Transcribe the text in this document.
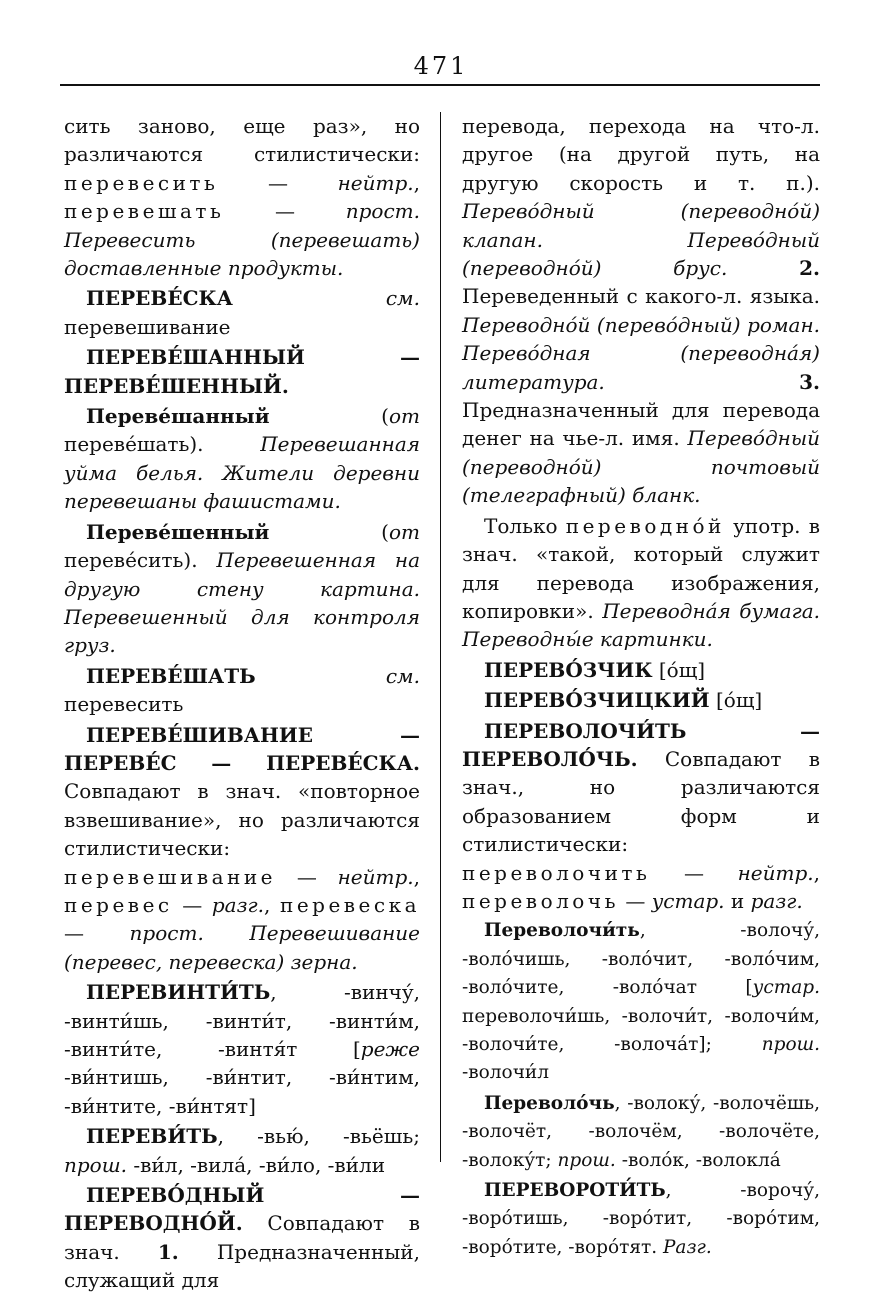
471

сить заново, еще раз», но различаются стилистически: перевесить — нейтр., перевешать — прост. Перевесить (перевешать) доставленные продукты.

ПЕРЕВЕ́СКА	см. перевешивание

ПЕРЕВЕ́ШАННЫЙ — ПЕРЕВЕ́ШЕННЫЙ.

Переве́шанный (от переве́шать). Перевешанная уйма белья. Жители деревни перевешаны фашистами.

Переве́шенный (от переве́сить). Перевешенная на другую стену картина. Перевешенный для контроля груз.

ПЕРЕВЕ́ШАТЬ	см. перевесить

ПЕРЕВЕ́ШИВАНИЕ — ПЕРЕВЕ́С — ПЕРЕВЕ́СКА. Совпадают в знач. «повторное взвешивание», но различаются стилистически: перевешивание — нейтр., перевес — разг., перевеска — прост. Перевешивание (перевес, перевеска) зерна.

ПЕРЕВИНТИ́ТЬ, -винчу́, -винти́шь, -винти́т, -винти́м, -винти́те, -винтя́т [реже -ви́нтишь, -ви́нтит, -ви́нтим, -ви́нтите, -ви́нтят]

ПЕРЕВИ́ТЬ, -вью́, -вьёшь; прош. -ви́л, -вила́, -ви́ло, -ви́ли

ПЕРЕВО́ДНЫЙ — ПЕРЕВОДНО́Й. Совпадают в знач. 1. Предназначенный, служащий для

перевода, перехода на что-л. другое (на другой путь, на другую скорость и т. п.). Перево́дный (переводно́й) клапан. Перево́дный (переводно́й) брус.	2. Переведенный с какого-л. языка. Переводно́й (перево́дный) роман. Перево́дная (переводна́я) литература.	3. Предназначенный для перевода денег на чье-л. имя. Перево́дный (переводно́й) почтовый (телеграфный) бланк.

Только переводно́й употр. в знач. «такой, который служит для перевода изображения, копировки». Переводна́я бумага. Переводны́е картинки.

ПЕРЕВО́ЗЧИК [о́щ]

ПЕРЕВО́ЗЧИЦКИЙ [о́щ]

ПЕРЕВОЛОЧИ́ТЬ — ПЕРЕВОЛО́ЧЬ. Совпадают в знач., но различаются образованием форм и стилистически: переволочить — нейтр., переволочь — устар. и разг.

Переволочи́ть, -волочу́, -воло́чишь, -воло́чит, -воло́чим, -воло́чите, -воло́чат [устар. переволочи́шь, -волочи́т, -волочи́м, -волочи́те, -волоча́т]; прош. -волочи́л

Переволо́чь, -волоку́, -волочёшь, -волочёт, -волочём, -волочёте, -волоку́т; прош. -воло́к, -волокла́

ПЕРЕВОРОТИ́ТЬ, -ворочу́, -воро́тишь, -воро́тит, -воро́тим, -воро́тите, -воро́тят. Разг.
